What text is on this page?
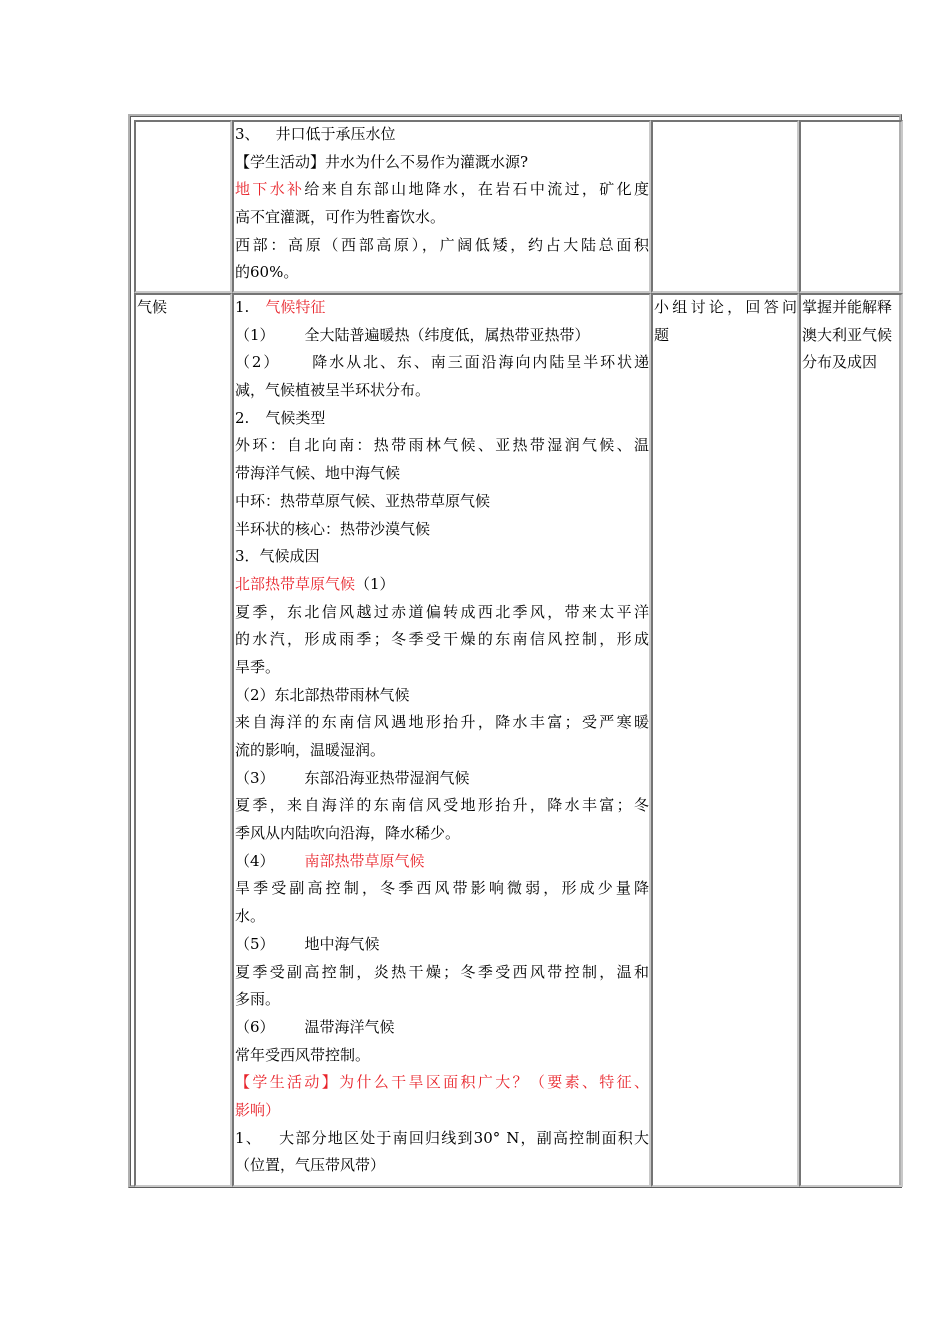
3、 井口低于承压水位
【学生活动】井水为什么不易作为灌溉水源?
地下水补给来自东部山地降水，在岩石中流过，矿化度
高不宜灌溉，可作为牲畜饮水。
西部：高原（西部高原），广阔低矮，约占大陆总面积
的60%。
气候	1. 气候特征
（1） 全大陆普遍暖热（纬度低，属热带亚热带）
（2） 降水从北、东、南三面沿海向内陆呈半环状递
减，气候植被呈半环状分布。
2. 气候类型
外环：自北向南：热带雨林气候、亚热带湿润气候、温
带海洋气候、地中海气候
中环：热带草原气候、亚热带草原气候
半环状的核心：热带沙漠气候
3．气候成因
北部热带草原气候（1）
夏季，东北信风越过赤道偏转成西北季风，带来太平洋
的水汽，形成雨季；冬季受干燥的东南信风控制，形成
旱季。
（2）东北部热带雨林气候
来自海洋的东南信风遇地形抬升，降水丰富；受严寒暖
流的影响，温暖湿润。
（3） 东部沿海亚热带湿润气候
夏季，来自海洋的东南信风受地形抬升，降水丰富；冬
季风从内陆吹向沿海，降水稀少。
（4） 南部热带草原气候
旱季受副高控制，冬季西风带影响微弱，形成少量降
水。
（5） 地中海气候
夏季受副高控制，炎热干燥；冬季受西风带控制，温和
多雨。
（6） 温带海洋气候
常年受西风带控制。
【学生活动】为什么干旱区面积广大？（要素、特征、
影响）
1、 大部分地区处于南回归线到30° N，副高控制面积大
（位置，气压带风带）
小组讨论，回答问
题
掌握并能解释
澳大利亚气候
分布及成因
